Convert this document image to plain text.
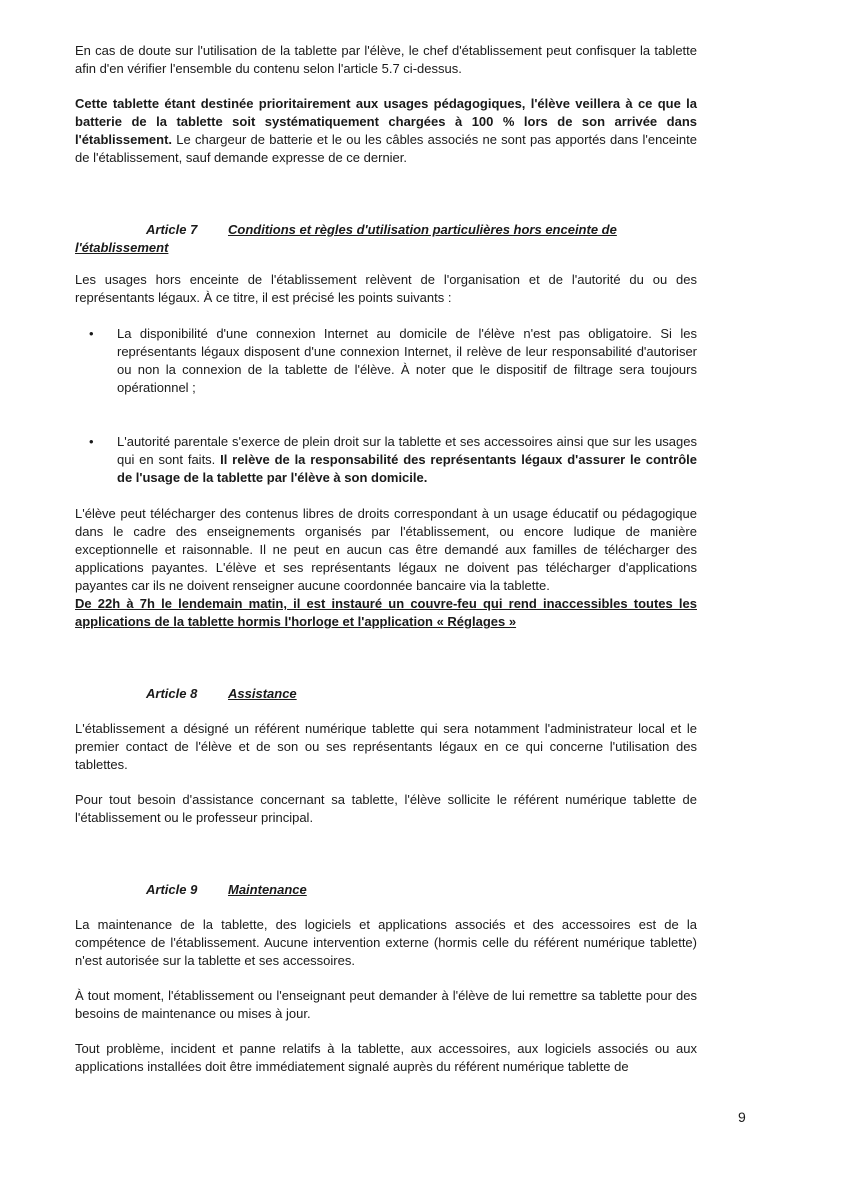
En cas de doute sur l'utilisation de la tablette par l'élève, le chef d'établissement peut confisquer la tablette afin d'en vérifier l'ensemble du contenu selon l'article 5.7 ci-dessus.

Cette tablette étant destinée prioritairement aux usages pédagogiques, l'élève veillera à ce que la batterie de la tablette soit systématiquement chargées à 100 % lors de son arrivée dans l'établissement. Le chargeur de batterie et le ou les câbles associés ne sont pas apportés dans l'enceinte de l'établissement, sauf demande expresse de ce dernier.

Article 7 Conditions et règles d'utilisation particulières hors enceinte de
l'établissement

Les usages hors enceinte de l'établissement relèvent de l'organisation et de l'autorité du ou des représentants légaux. À ce titre, il est précisé les points suivants :

• La disponibilité d'une connexion Internet au domicile de l'élève n'est pas obligatoire. Si les représentants légaux disposent d'une connexion Internet, il relève de leur responsabilité d'autoriser ou non la connexion de la tablette de l'élève. À noter que le dispositif de filtrage sera toujours opérationnel ;

• L'autorité parentale s'exerce de plein droit sur la tablette et ses accessoires ainsi que sur les usages qui en sont faits. Il relève de la responsabilité des représentants légaux d'assurer le contrôle de l'usage de la tablette par l'élève à son domicile.

L'élève peut télécharger des contenus libres de droits correspondant à un usage éducatif ou pédagogique dans le cadre des enseignements organisés par l'établissement, ou encore ludique de manière exceptionnelle et raisonnable. Il ne peut en aucun cas être demandé aux familles de télécharger des applications payantes. L'élève et ses représentants légaux ne doivent pas télécharger d'applications payantes car ils ne doivent renseigner aucune coordonnée bancaire via la tablette.

De 22h à 7h le lendemain matin, il est instauré un couvre-feu qui rend inaccessibles toutes les applications de la tablette hormis l'horloge et l'application « Réglages »

Article 8 Assistance

L'établissement a désigné un référent numérique tablette qui sera notamment l'administrateur local et le premier contact de l'élève et de son ou ses représentants légaux en ce qui concerne l'utilisation des tablettes.

Pour tout besoin d'assistance concernant sa tablette, l'élève sollicite le référent numérique tablette de l'établissement ou le professeur principal.

Article 9 Maintenance

La maintenance de la tablette, des logiciels et applications associés et des accessoires est de la compétence de l'établissement. Aucune intervention externe (hormis celle du référent numérique tablette) n'est autorisée sur la tablette et ses accessoires.

À tout moment, l'établissement ou l'enseignant peut demander à l'élève de lui remettre sa tablette pour des besoins de maintenance ou mises à jour.

Tout problème, incident et panne relatifs à la tablette, aux accessoires, aux logiciels associés ou aux applications installées doit être immédiatement signalé auprès du référent numérique tablette de

9
